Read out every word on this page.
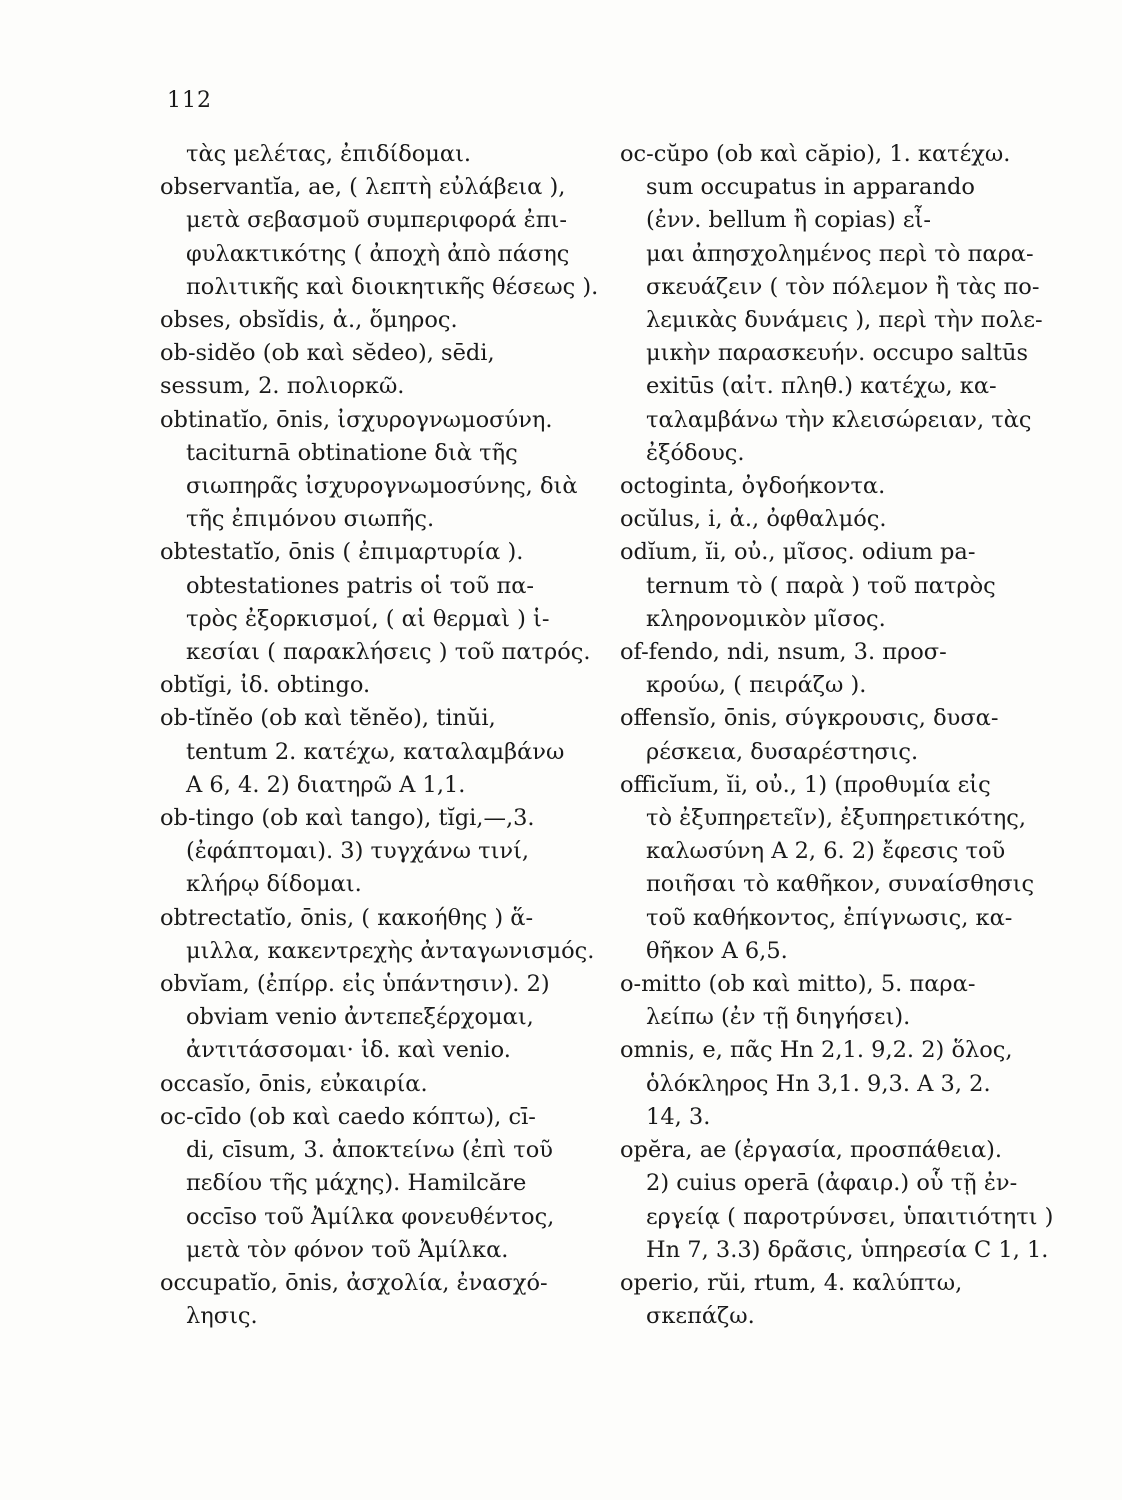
112
τὰς μελέτας, ἐπιδίδομαι.
observantĭa, ae, ( λεπτὴ εὐλάβεια ),
μετὰ σεβασμοῦ συμπεριφορά ἐπι-
φυλακτικότης ( ἀποχὴ ἀπὸ πάσης
πολιτικῆς καὶ διοικητικῆς θέσεως ).
obses, obsĭdis, ἀ., ὅμηρος.
ob-sidĕo (ob καὶ sĕdeo), sēdi,
sessum, 2. πολιορκῶ.
obtinatĭo, ōnis, ἰσχυρογνωμοσύνη.
taciturnā obtinatione διὰ τῆς
σιωπηρᾶς ἰσχυρογνωμοσύνης, διὰ
τῆς ἐπιμόνου σιωπῆς.
obtestatĭo, ōnis ( ἐπιμαρτυρία ).
obtestationes patris οἱ τοῦ πα-
τρὸς ἐξορκισμοί, ( αἱ θερμαὶ ) ἱ-
κεσίαι ( παρακλήσεις ) τοῦ πατρός.
obtĭgi, ἰδ. obtingo.
ob-tĭnĕo (ob καὶ tĕnĕo), tinŭi,
tentum 2. κατέχω, καταλαμβάνω
A 6, 4. 2) διατηρῶ A 1,1.
ob-tingo (ob καὶ tango), tĭgi,—,3.
(ἐφάπτομαι). 3) τυγχάνω τινί,
κλήρῳ δίδομαι.
obtrectatĭo, ōnis, ( κακοήθης ) ἅ-
μιλλα, κακεντρεχὴς ἀνταγωνισμός.
obvĭam, (ἐπίρρ. εἰς ὑπάντησιν). 2)
obviam venio ἀντεπεξέρχομαι,
ἀντιτάσσομαι· ἰδ. καὶ venio.
occasĭo, ōnis, εὐκαιρία.
oc-cīdo (ob καὶ caedo κόπτω), cī-
di, cīsum, 3. ἀποκτείνω (ἐπὶ τοῦ
πεδίου τῆς μάχης). Hamilcăre
occīso τοῦ Ἀμίλκα φονευθέντος,
μετὰ τὸν φόνον τοῦ Ἀμίλκα.
occupatĭo, ōnis, ἀσχολία, ἐνασχό-
λησις.
oc-cŭpo (ob καὶ căpio), 1. κατέχω.
sum occupatus in apparando
(ἐνν. bellum ἢ copias) εἶ-
μαι ἀπησχολημένος περὶ τὸ παρα-
σκευάζειν ( τὸν πόλεμον ἢ τὰς πο-
λεμικὰς δυνάμεις ), περὶ τὴν πολε-
μικὴν παρασκευήν. occupo saltūs
exitūs (αἰτ. πληθ.) κατέχω, κα-
ταλαμβάνω τὴν κλεισώρειαν, τὰς
ἐξόδους.
octoginta, ὀγδοήκοντα.
ocŭlus, i, ἀ., ὀφθαλμός.
odĭum, ĭi, οὐ., μῖσος. odium pa-
ternum τὸ ( παρὰ ) τοῦ πατρὸς
κληρονομικὸν μῖσος.
of-fendo, ndi, nsum, 3. προσ-
κρούω, ( πειράζω ).
offensĭo, ōnis, σύγκρουσις, δυσα-
ρέσκεια, δυσαρέστησις.
officĭum, ĭi, οὐ., 1) (προθυμία εἰς
τὸ ἐξυπηρετεῖν), ἐξυπηρετικότης,
καλωσύνη A 2, 6. 2) ἔφεσις τοῦ
ποιῆσαι τὸ καθῆκον, συναίσθησις
τοῦ καθήκοντος, ἐπίγνωσις, κα-
θῆκον A 6,5.
o-mitto (ob καὶ mitto), 5. παρα-
λείπω (ἐν τῇ διηγήσει).
omnis, e, πᾶς Hn 2,1. 9,2. 2) ὅλος,
ὁλόκληρος Hn 3,1. 9,3. A 3, 2.
14, 3.
opĕra, ae (ἐργασία, προσπάθεια).
2) cuius operā (ἀφαιρ.) οὗ τῇ ἐν-
εργείᾳ ( παροτρύνσει, ὑπαιτιότητι )
Hn 7, 3.3) δρᾶσις, ὑπηρεσία C 1, 1.
operio, rŭi, rtum, 4. καλύπτω,
σκεπάζω.
